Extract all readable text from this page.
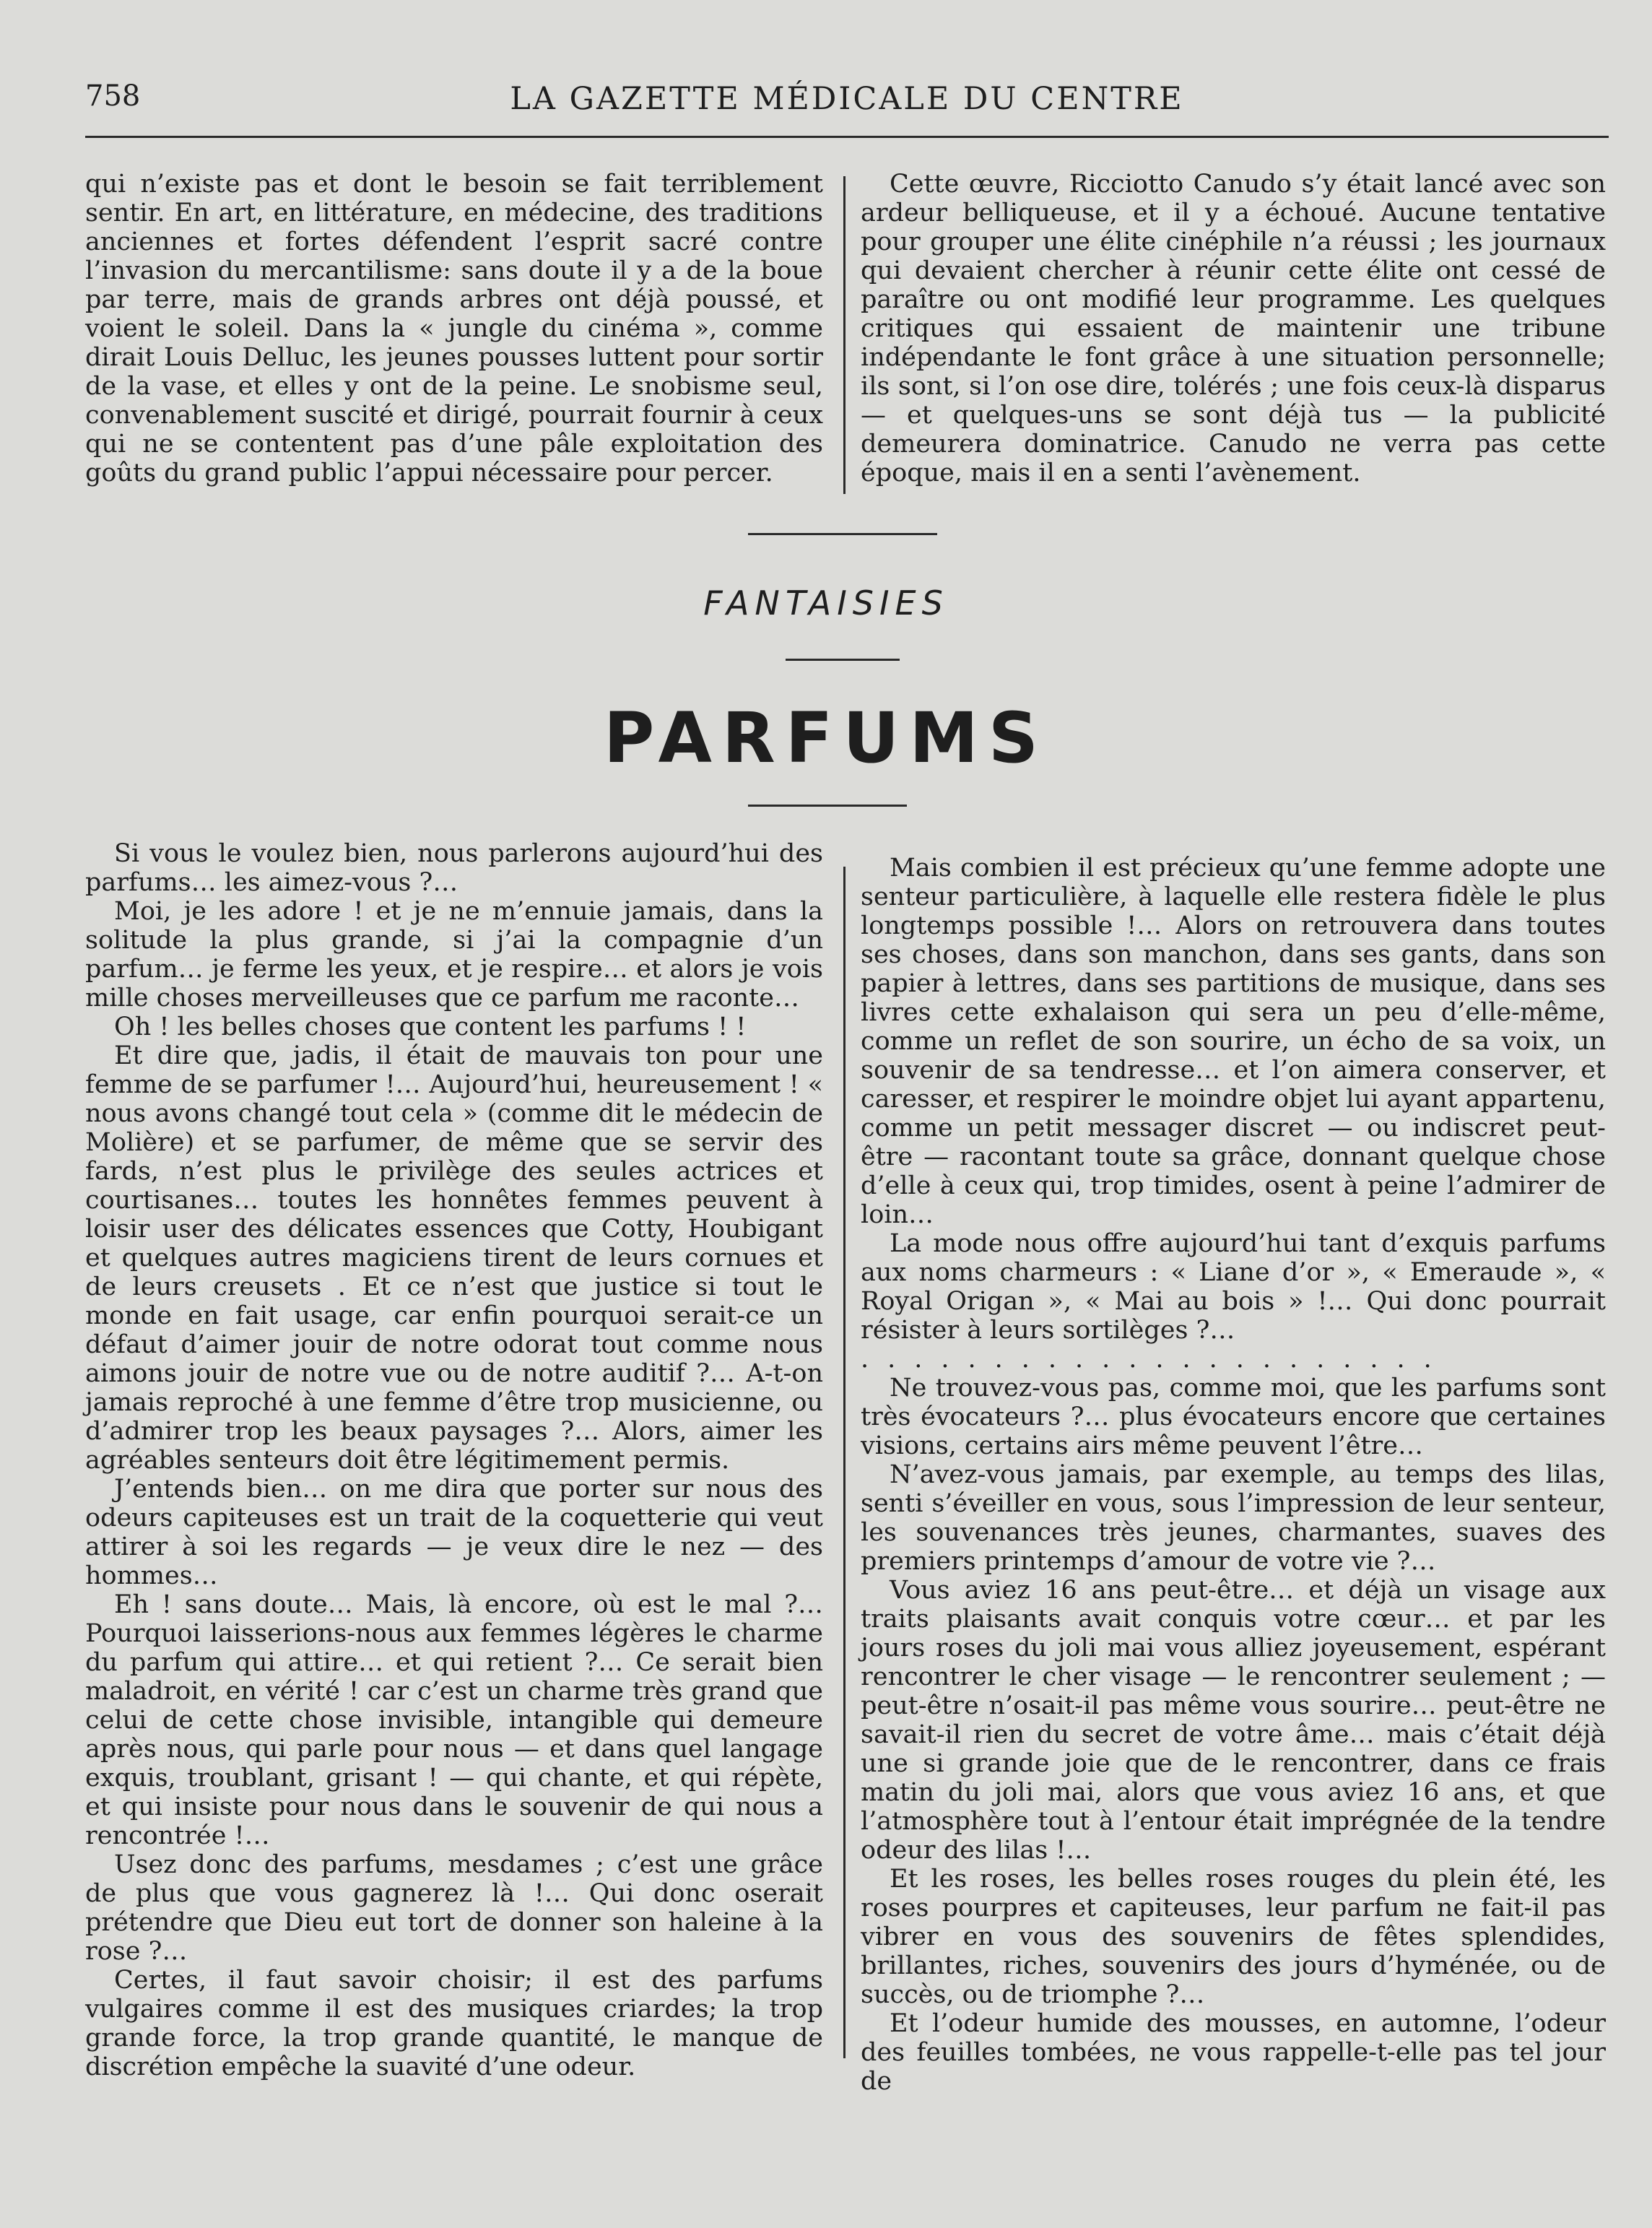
758	LA GAZETTE MÉDICALE DU CENTRE

qui n’existe pas et dont le besoin se fait terriblement sentir. En art, en littérature, en médecine, des traditions anciennes et fortes défendent l’esprit sacré contre l’invasion du mercantilisme: sans doute il y a de la boue par terre, mais de grands arbres ont déjà poussé, et voient le soleil. Dans la « jungle du cinéma », comme dirait Louis Delluc, les jeunes pousses luttent pour sortir de la vase, et elles y ont de la peine. Le snobisme seul, convenablement suscité et dirigé, pourrait fournir à ceux qui ne se contentent pas d’une pâle exploitation des goûts du grand public l’appui nécessaire pour percer.

Cette œuvre, Ricciotto Canudo s’y était lancé avec son ardeur belliqueuse, et il y a échoué. Aucune tentative pour grouper une élite cinéphile n’a réussi ; les journaux qui devaient chercher à réunir cette élite ont cessé de paraître ou ont modifié leur programme. Les quelques critiques qui essaient de maintenir une tribune indépendante le font grâce à une situation personnelle; ils sont, si l’on ose dire, tolérés ; une fois ceux-là disparus — et quelques-uns se sont déjà tus — la publicité demeurera dominatrice. Canudo ne verra pas cette époque, mais il en a senti l’avènement.

FANTAISIES
PARFUMS

Si vous le voulez bien, nous parlerons aujourd’hui des parfums… les aimez-vous ?…

Moi, je les adore ! et je ne m’ennuie jamais, dans la solitude la plus grande, si j’ai la compagnie d’un parfum… je ferme les yeux, et je respire… et alors je vois mille choses merveilleuses que ce parfum me raconte…

Oh ! les belles choses que content les parfums ! !

Et dire que, jadis, il était de mauvais ton pour une femme de se parfumer !… Aujourd’hui, heureusement ! « nous avons changé tout cela » (comme dit le médecin de Molière) et se parfumer, de même que se servir des fards, n’est plus le privilège des seules actrices et courtisanes… toutes les honnêtes femmes peuvent à loisir user des délicates essences que Cotty, Houbigant et quelques autres magiciens tirent de leurs cornues et de leurs creusets . Et ce n’est que justice si tout le monde en fait usage, car enfin pourquoi serait-ce un défaut d’aimer jouir de notre odorat tout comme nous aimons jouir de notre vue ou de notre auditif ?… A-t-on jamais reproché à une femme d’être trop musicienne, ou d’admirer trop les beaux paysages ?… Alors, aimer les agréables senteurs doit être légitimement permis.

J’entends bien… on me dira que porter sur nous des odeurs capiteuses est un trait de la coquetterie qui veut attirer à soi les regards — je veux dire le nez — des hommes…

Eh ! sans doute… Mais, là encore, où est le mal ?… Pourquoi laisserions-nous aux femmes légères le charme du parfum qui attire… et qui retient ?… Ce serait bien maladroit, en vérité ! car c’est un charme très grand que celui de cette chose invisible, intangible qui demeure après nous, qui parle pour nous — et dans quel langage exquis, troublant, grisant ! — qui chante, et qui répète, et qui insiste pour nous dans le souvenir de qui nous a rencontrée !…

Usez donc des parfums, mesdames ; c’est une grâce de plus que vous gagnerez là !… Qui donc oserait prétendre que Dieu eut tort de donner son haleine à la rose ?…

Certes, il faut savoir choisir; il est des parfums vulgaires comme il est des musiques criardes; la trop grande force, la trop grande quantité, le manque de discrétion empêche la suavité d’une odeur.

Mais combien il est précieux qu’une femme adopte une senteur particulière, à laquelle elle restera fidèle le plus longtemps possible !… Alors on retrouvera dans toutes ses choses, dans son manchon, dans ses gants, dans son papier à lettres, dans ses partitions de musique, dans ses livres cette exhalaison qui sera un peu d’elle-même, comme un reflet de son sourire, un écho de sa voix, un souvenir de sa tendresse… et l’on aimera conserver, et caresser, et respirer le moindre objet lui ayant appartenu, comme un petit messager discret — ou indiscret peut-être — racontant toute sa grâce, donnant quelque chose d’elle à ceux qui, trop timides, osent à peine l’admirer de loin…

La mode nous offre aujourd’hui tant d’exquis parfums aux noms charmeurs : « Liane d’or », « Emeraude », « Royal Origan », « Mai au bois » !… Qui donc pourrait résister à leurs sortilèges ?…

......................

Ne trouvez-vous pas, comme moi, que les parfums sont très évocateurs ?… plus évocateurs encore que certaines visions, certains airs même peuvent l’être…

N’avez-vous jamais, par exemple, au temps des lilas, senti s’éveiller en vous, sous l’impression de leur senteur, les souvenances très jeunes, charmantes, suaves des premiers printemps d’amour de votre vie ?…

Vous aviez 16 ans peut-être… et déjà un visage aux traits plaisants avait conquis votre cœur… et par les jours roses du joli mai vous alliez joyeusement, espérant rencontrer le cher visage — le rencontrer seulement ; — peut-être n’osait-il pas même vous sourire… peut-être ne savait-il rien du secret de votre âme… mais c’était déjà une si grande joie que de le rencontrer, dans ce frais matin du joli mai, alors que vous aviez 16 ans, et que l’atmosphère tout à l’entour était imprégnée de la tendre odeur des lilas !…

Et les roses, les belles roses rouges du plein été, les roses pourpres et capiteuses, leur parfum ne fait-il pas vibrer en vous des souvenirs de fêtes splendides, brillantes, riches, souvenirs des jours d’hyménée, ou de succès, ou de triomphe ?…

Et l’odeur humide des mousses, en automne, l’odeur des feuilles tombées, ne vous rappelle-t-elle pas tel jour de
